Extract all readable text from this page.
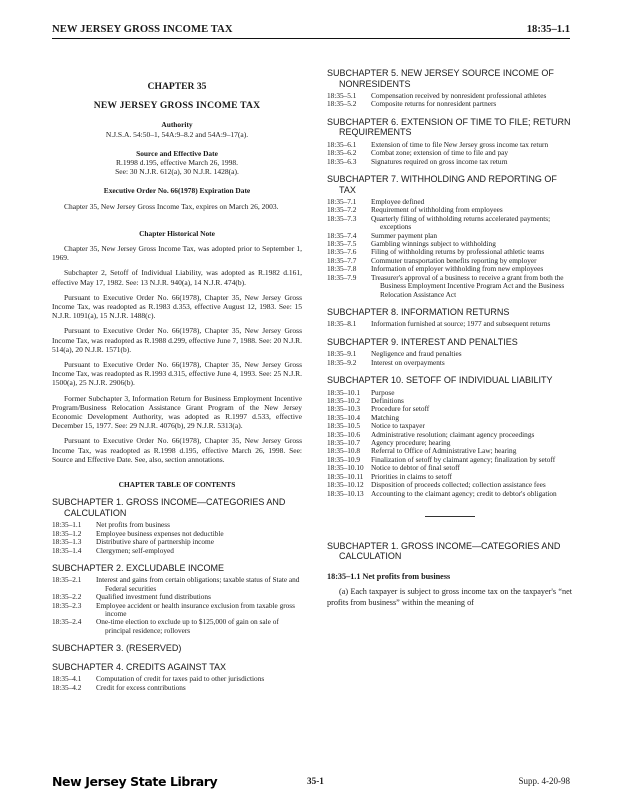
NEW JERSEY GROSS INCOME TAX	18:35–1.1
CHAPTER 35
NEW JERSEY GROSS INCOME TAX
Authority
N.J.S.A. 54:50–1, 54A:9–8.2 and 54A:9–17(a).
Source and Effective Date
R.1998 d.195, effective March 26, 1998.
See: 30 N.J.R. 612(a), 30 N.J.R. 1428(a).
Executive Order No. 66(1978) Expiration Date

Chapter 35, New Jersey Gross Income Tax, expires on March 26, 2003.

Chapter Historical Note

Chapter 35, New Jersey Gross Income Tax, was adopted prior to September 1, 1969.

Subchapter 2, Setoff of Individual Liability, was adopted as R.1982 d.161, effective May 17, 1982. See: 13 N.J.R. 940(a), 14 N.J.R. 474(b).

Pursuant to Executive Order No. 66(1978), Chapter 35, New Jersey Gross Income Tax, was readopted as R.1983 d.353, effective August 12, 1983. See: 15 N.J.R. 1091(a), 15 N.J.R. 1488(c).

Pursuant to Executive Order No. 66(1978), Chapter 35, New Jersey Gross Income Tax, was readopted as R.1988 d.299, effective June 7, 1988. See: 20 N.J.R. 514(a), 20 N.J.R. 1571(b).

Pursuant to Executive Order No. 66(1978), Chapter 35, New Jersey Gross Income Tax, was readopted as R.1993 d.315, effective June 4, 1993. See: 25 N.J.R. 1500(a), 25 N.J.R. 2906(b).

Former Subchapter 3, Information Return for Business Employment Incentive Program/Business Relocation Assistance Grant Program of the New Jersey Economic Development Authority, was adopted as R.1997 d.533, effective December 15, 1977. See: 29 N.J.R. 4076(b), 29 N.J.R. 5313(a).

Pursuant to Executive Order No. 66(1978), Chapter 35, New Jersey Gross Income Tax, was readopted as R.1998 d.195, effective March 26, 1998. See: Source and Effective Date. See, also, section annotations.

CHAPTER TABLE OF CONTENTS
SUBCHAPTER 1. GROSS INCOME—CATEGORIES AND CALCULATION
18:35–1.1	Net profits from business
18:35–1.2	Employee business expenses not deductible
18:35–1.3	Distributive share of partnership income
18:35–1.4	Clergymen; self-employed
SUBCHAPTER 2. EXCLUDABLE INCOME
18:35–2.1	Interest and gains from certain obligations; taxable status of State and Federal securities
18:35–2.2	Qualified investment fund distributions
18:35–2.3	Employee accident or health insurance exclusion from taxable gross income
18:35–2.4	One-time election to exclude up to $125,000 of gain on sale of principal residence; rollovers
SUBCHAPTER 3. (RESERVED)
SUBCHAPTER 4. CREDITS AGAINST TAX
18:35–4.1	Computation of credit for taxes paid to other jurisdictions
18:35–4.2	Credit for excess contributions
SUBCHAPTER 5. NEW JERSEY SOURCE INCOME OF NONRESIDENTS
18:35–5.1	Compensation received by nonresident professional athletes
18:35–5.2	Composite returns for nonresident partners
SUBCHAPTER 6. EXTENSION OF TIME TO FILE; RETURN REQUIREMENTS
18:35–6.1	Extension of time to file New Jersey gross income tax return
18:35–6.2	Combat zone; extension of time to file and pay
18:35–6.3	Signatures required on gross income tax return
SUBCHAPTER 7. WITHHOLDING AND REPORTING OF TAX
18:35–7.1	Employee defined
18:35–7.2	Requirement of withholding from employees
18:35–7.3	Quarterly filing of withholding returns accelerated payments; exceptions
18:35–7.4	Summer payment plan
18:35–7.5	Gambling winnings subject to withholding
18:35–7.6	Filing of withholding returns by professional athletic teams
18:35–7.7	Commuter transportation benefits reporting by employer
18:35–7.8	Information of employer withholding from new employees
18:35–7.9	Treasurer's approval of a business to receive a grant from both the Business Employment Incentive Program Act and the Business Relocation Assistance Act
SUBCHAPTER 8. INFORMATION RETURNS
18:35–8.1	Information furnished at source; 1977 and subsequent returns
SUBCHAPTER 9. INTEREST AND PENALTIES
18:35–9.1	Negligence and fraud penalties
18:35–9.2	Interest on overpayments
SUBCHAPTER 10. SETOFF OF INDIVIDUAL LIABILITY
18:35–10.1	Purpose
18:35–10.2	Definitions
18:35–10.3	Procedure for setoff
18:35–10.4	Matching
18:35–10.5	Notice to taxpayer
18:35–10.6	Administrative resolution; claimant agency proceedings
18:35–10.7	Agency procedure; hearing
18:35–10.8	Referral to Office of Administrative Law; hearing
18:35–10.9	Finalization of setoff by claimant agency; finalization by setoff
18:35–10.10	Notice to debtor of final setoff
18:35–10.11	Priorities in claims to setoff
18:35–10.12	Disposition of proceeds collected; collection assistance fees
18:35–10.13	Accounting to the claimant agency; credit to debtor's obligation
SUBCHAPTER 1. GROSS INCOME—CATEGORIES AND CALCULATION
18:35–1.1 Net profits from business

(a) Each taxpayer is subject to gross income tax on the taxpayer's “net profits from business” within the meaning of

New Jersey State Library	35-1	Supp. 4-20-98
